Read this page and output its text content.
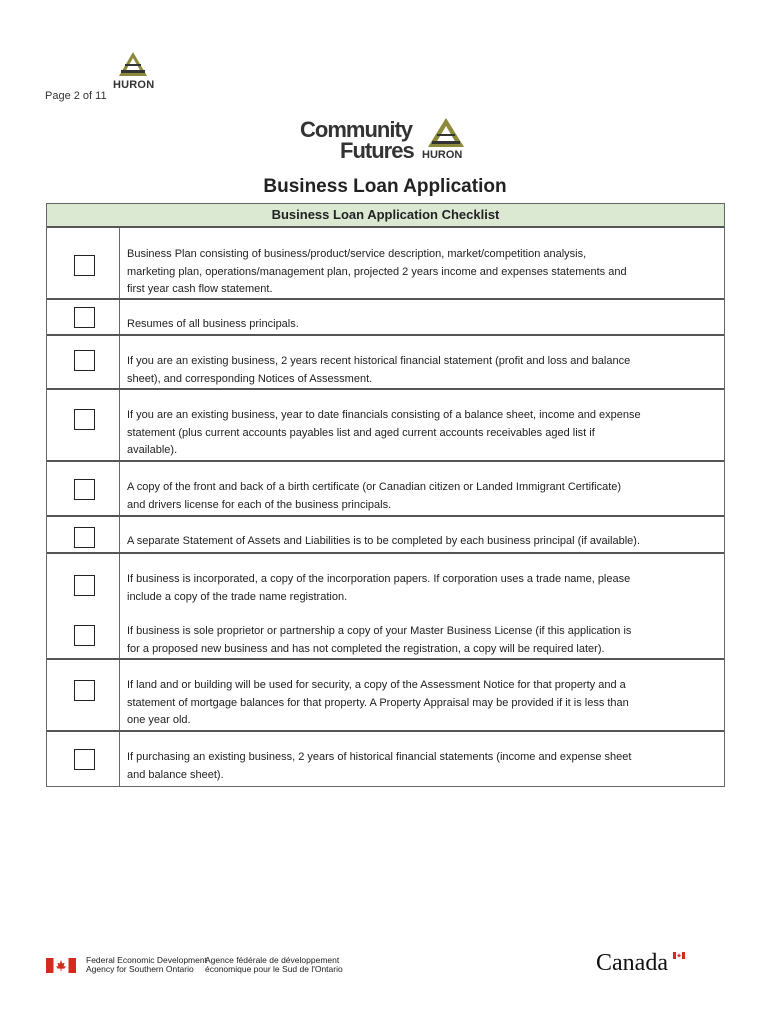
HURON
Page 2 of 11
Community
Futures HURON
Business Loan Application
Business Loan Application Checklist
Business Plan consisting of business/product/service description, market/competition analysis,
marketing plan, operations/management plan, projected 2 years income and expenses statements and
first year cash flow statement.
Resumes of all business principals.
If you are an existing business, 2 years recent historical financial statement (profit and loss and balance
sheet), and corresponding Notices of Assessment.
If you are an existing business, year to date financials consisting of a balance sheet, income and expense
statement (plus current accounts payables list and aged current accounts receivables aged list if
available).
A copy of the front and back of a birth certificate (or Canadian citizen or Landed Immigrant Certificate)
and drivers license for each of the business principals.
A separate Statement of Assets and Liabilities is to be completed by each business principal (if available).
If business is incorporated, a copy of the incorporation papers. If corporation uses a trade name, please
include a copy of the trade name registration.
If business is sole proprietor or partnership a copy of your Master Business License (if this application is
for a proposed new business and has not completed the registration, a copy will be required later).
If land and or building will be used for security, a copy of the Assessment Notice for that property and a
statement of mortgage balances for that property. A Property Appraisal may be provided if it is less than
one year old.
If purchasing an existing business, 2 years of historical financial statements (income and expense sheet
and balance sheet).
Federal Economic Development
Agency for Southern Ontario
Agence fédérale de développement
économique pour le Sud de l'Ontario	Canada
